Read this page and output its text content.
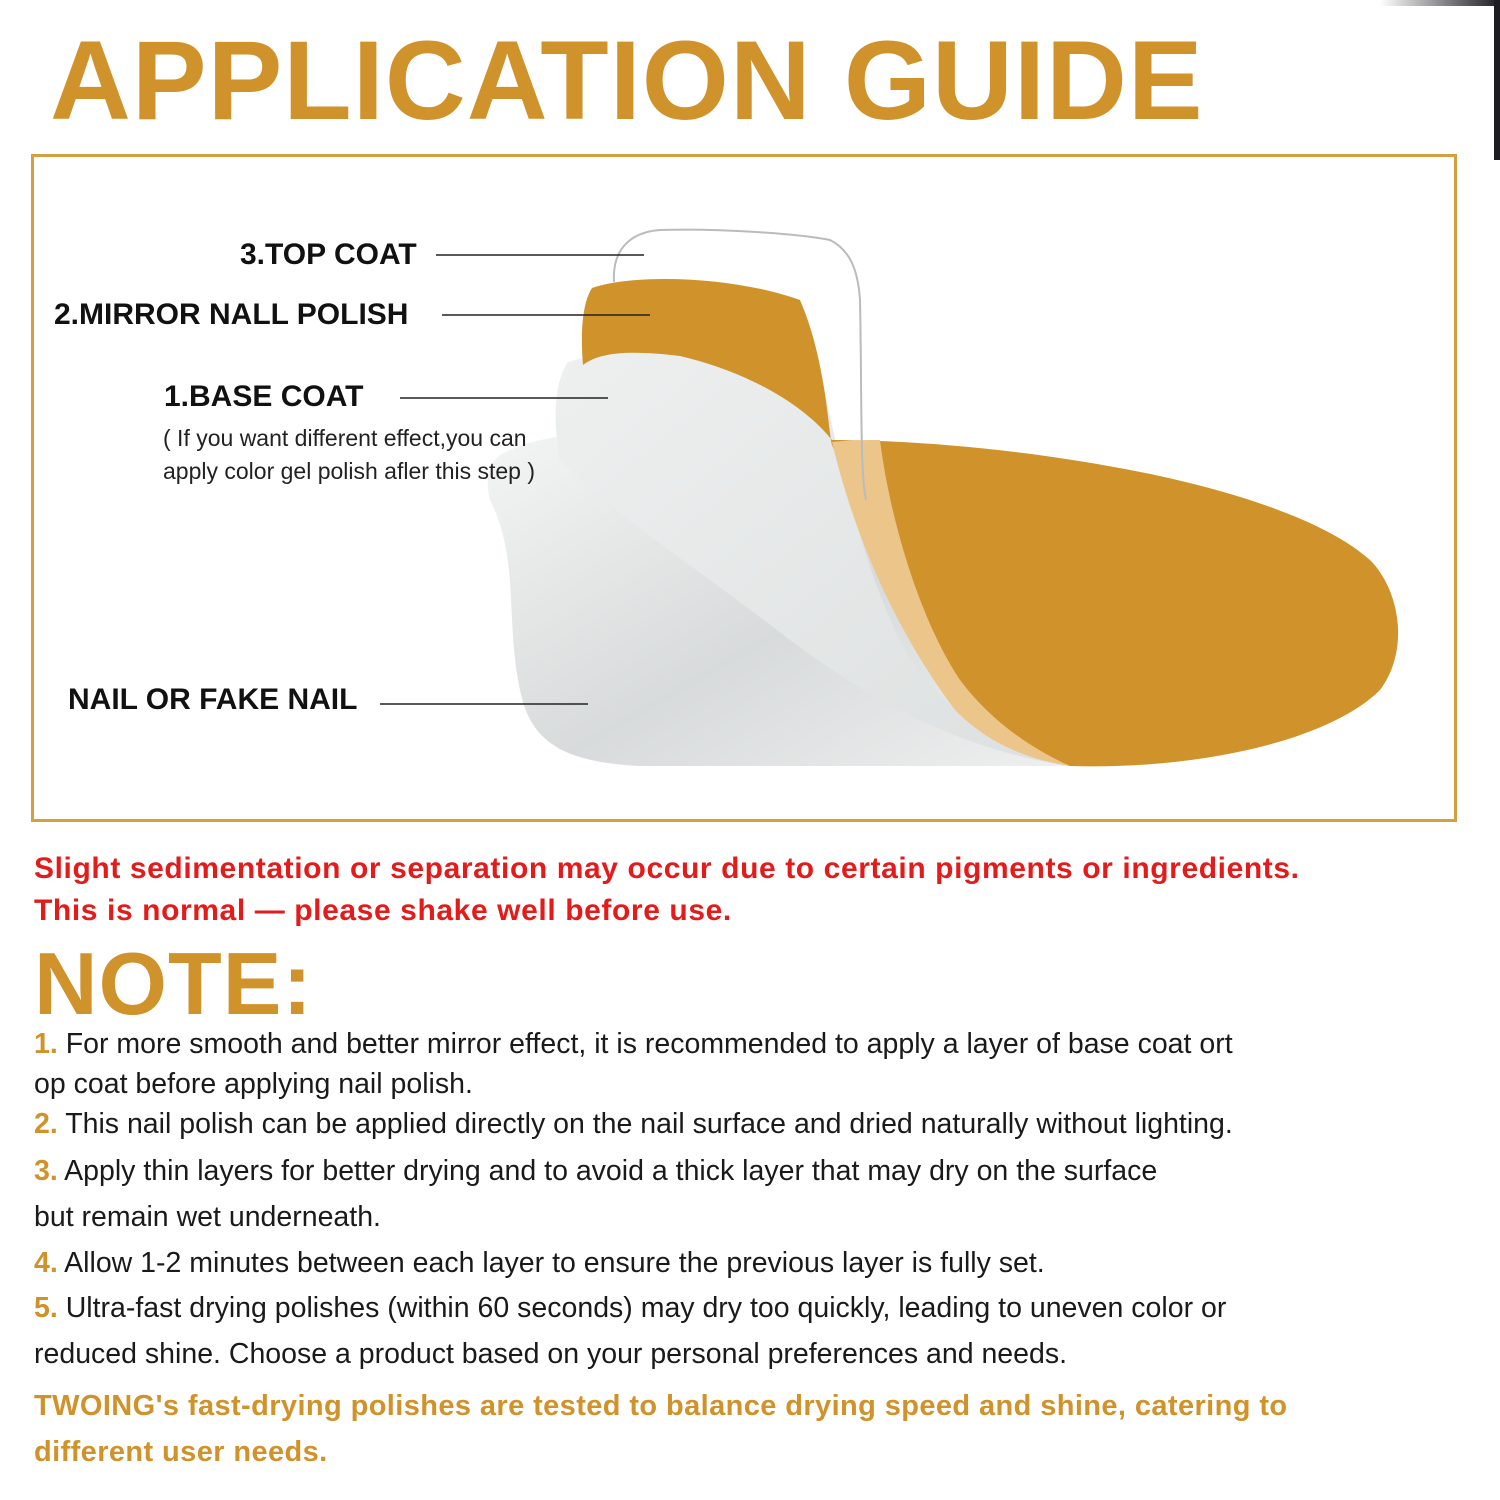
APPLICATION GUIDE
3.TOP COAT
2.MIRROR NALL POLISH
1.BASE COAT
( If you want different effect,you can
apply color gel polish afler this step )
NAIL OR FAKE NAIL
Slight sedimentation or separation may occur due to certain pigments or ingredients.
This is normal — please shake well before use.
NOTE:
1. For more smooth and better mirror effect, it is recommended to apply a layer of base coat ort
op coat before applying nail polish.
2. This nail polish can be applied directly on the nail surface and dried naturally without lighting.
3. Apply thin layers for better drying and to avoid a thick layer that may dry on the surface
but remain wet underneath.
4. Allow 1-2 minutes between each layer to ensure the previous layer is fully set.
5. Ultra-fast drying polishes (within 60 seconds) may dry too quickly, leading to uneven color or
reduced shine. Choose a product based on your personal preferences and needs.
TWOING's fast-drying polishes are tested to balance drying speed and shine, catering to
different user needs.
